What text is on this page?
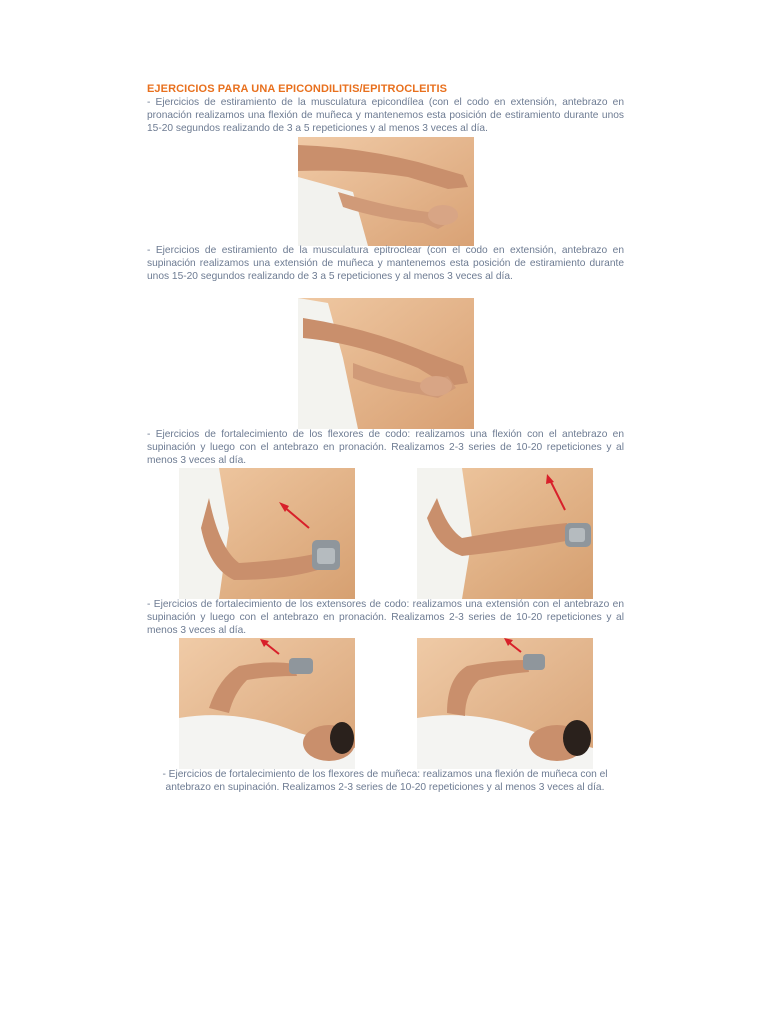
EJERCICIOS PARA UNA EPICONDILITIS/EPITROCLEITIS
- Ejercicios de estiramiento de la musculatura epicondílea (con el codo en extensión, antebrazo en pronación realizamos una flexión de muñeca y mantenemos esta posición de estiramiento durante unos 15-20 segundos realizando de 3 a 5 repeticiones y al menos 3 veces al día.
- Ejercicios de estiramiento de la musculatura epitroclear (con el codo en extensión, antebrazo en supinación realizamos una extensión de muñeca y mantenemos esta posición de estiramiento durante unos 15-20 segundos realizando de 3 a 5 repeticiones y al menos 3 veces al día.
- Ejercicios de fortalecimiento de los flexores de codo: realizamos una flexión con el antebrazo en supinación y luego con el antebrazo en pronación. Realizamos 2-3 series de 10-20 repeticiones y al menos 3 veces al día.
- Ejercicios de fortalecimiento de los extensores de codo: realizamos una extensión con el antebrazo en supinación y luego con el antebrazo en pronación. Realizamos 2-3 series de 10-20 repeticiones y al menos 3 veces al día.
- Ejercicios de fortalecimiento de los flexores de muñeca: realizamos una flexión de muñeca con el antebrazo en supinación. Realizamos 2-3 series de 10-20 repeticiones y al menos 3 veces al día.
